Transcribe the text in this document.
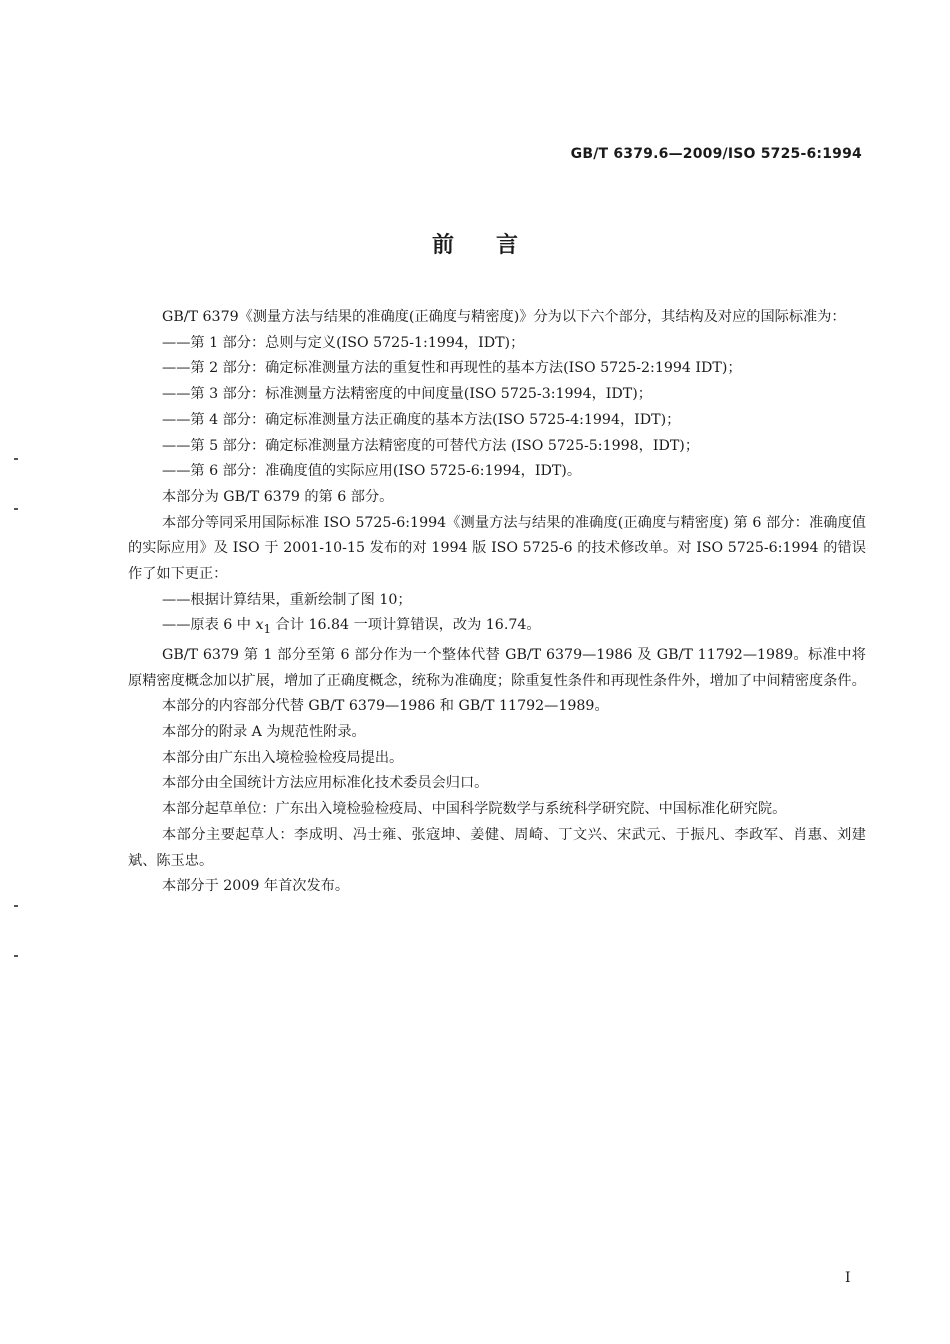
GB/T 6379.6—2009/ISO 5725-6:1994
前言

GB/T 6379《测量方法与结果的准确度(正确度与精密度)》分为以下六个部分，其结构及对应的国际标准为：

——第 1 部分：总则与定义(ISO 5725-1:1994，IDT)；

——第 2 部分：确定标准测量方法的重复性和再现性的基本方法(ISO 5725-2:1994 IDT)；

——第 3 部分：标准测量方法精密度的中间度量(ISO 5725-3:1994，IDT)；

——第 4 部分：确定标准测量方法正确度的基本方法(ISO 5725-4:1994，IDT)；

——第 5 部分：确定标准测量方法精密度的可替代方法 (ISO 5725-5:1998，IDT)；

——第 6 部分：准确度值的实际应用(ISO 5725-6:1994，IDT)。

本部分为 GB/T 6379 的第 6 部分。

本部分等同采用国际标准 ISO 5725-6:1994《测量方法与结果的准确度(正确度与精密度) 第 6 部分：准确度值的实际应用》及 ISO 于 2001-10-15 发布的对 1994 版 ISO 5725-6 的技术修改单。对 ISO 5725-6:1994 的错误作了如下更正：

——根据计算结果，重新绘制了图 10；

——原表 6 中 $x_1$ 合计 16.84 一项计算错误，改为 16.74。

GB/T 6379 第 1 部分至第 6 部分作为一个整体代替 GB/T 6379—1986 及 GB/T 11792—1989。标准中将原精密度概念加以扩展，增加了正确度概念，统称为准确度；除重复性条件和再现性条件外，增加了中间精密度条件。

本部分的内容部分代替 GB/T 6379—1986 和 GB/T 11792—1989。

本部分的附录 A 为规范性附录。

本部分由广东出入境检验检疫局提出。

本部分由全国统计方法应用标准化技术委员会归口。

本部分起草单位：广东出入境检验检疫局、中国科学院数学与系统科学研究院、中国标准化研究院。

本部分主要起草人：李成明、冯士雍、张寇坤、姜健、周崎、丁文兴、宋武元、于振凡、李政军、肖惠、刘建斌、陈玉忠。

本部分于 2009 年首次发布。

I
